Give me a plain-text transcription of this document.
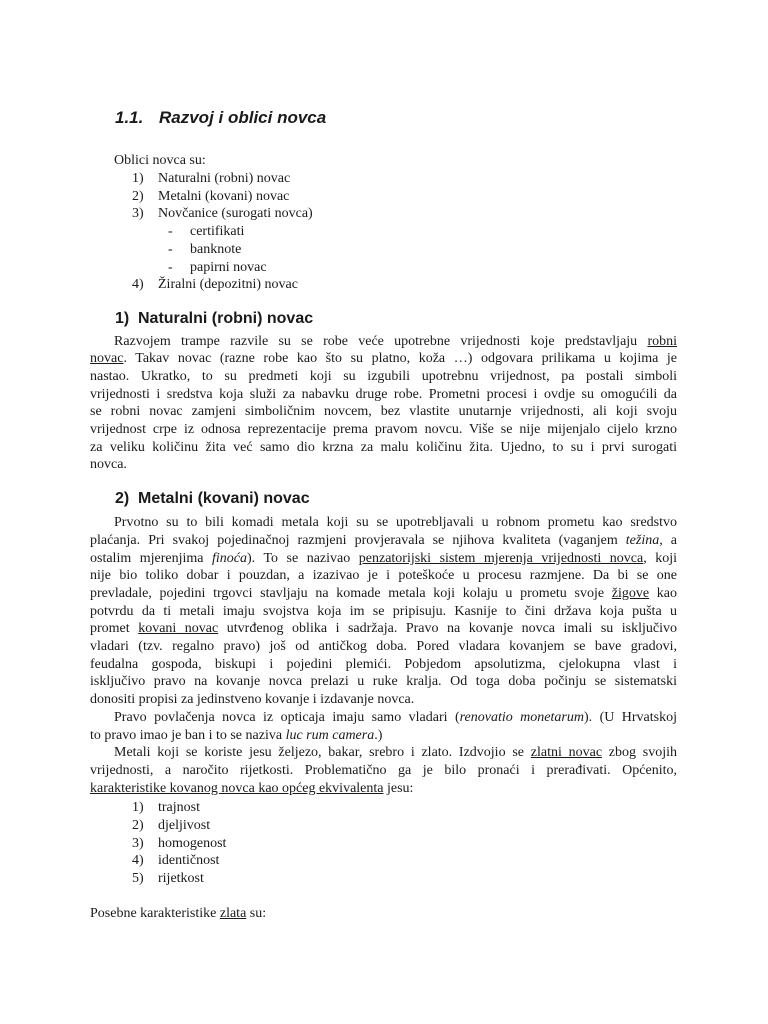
1.1. Razvoj i oblici novca
Oblici novca su:
1) Naturalni (robni) novac
2) Metalni (kovani) novac
3) Novčanice (surogati novca)
- certifikati
- banknote
- papirni novac
4) Žiralni (depozitni) novac
1) Naturalni (robni) novac
Razvojem trampe razvile su se robe veće upotrebne vrijednosti koje predstavljaju robni
novac. Takav novac (razne robe kao što su platno, koža …) odgovara prilikama u kojima je
nastao. Ukratko, to su predmeti koji su izgubili upotrebnu vrijednost, pa postali simboli
vrijednosti i sredstva koja služi za nabavku druge robe. Prometni procesi i ovdje su omogućili da
se robni novac zamjeni simboličnim novcem, bez vlastite unutarnje vrijednosti, ali koji svoju
vrijednost crpe iz odnosa reprezentacije prema pravom novcu. Više se nije mijenjalo cijelo krzno
za veliku količinu žita već samo dio krzna za malu količinu žita. Ujedno, to su i prvi surogati
novca.
2) Metalni (kovani) novac
Prvotno su to bili komadi metala koji su se upotrebljavali u robnom prometu kao sredstvo
plaćanja. Pri svakoj pojedinačnoj razmjeni provjeravala se njihova kvaliteta (vaganjem težina, a
ostalim mjerenjima finoća). To se nazivao penzatorijski sistem mjerenja vrijednosti novca, koji
nije bio toliko dobar i pouzdan, a izazivao je i poteškoće u procesu razmjene. Da bi se one
prevladale, pojedini trgovci stavljaju na komade metala koji kolaju u prometu svoje žigove kao
potvrdu da ti metali imaju svojstva koja im se pripisuju. Kasnije to čini država koja pušta u
promet kovani novac utvrđenog oblika i sadržaja. Pravo na kovanje novca imali su isključivo
vladari (tzv. regalno pravo) još od antičkog doba. Pored vladara kovanjem se bave gradovi,
feudalna gospoda, biskupi i pojedini plemići. Pobjedom apsolutizma, cjelokupna vlast i
isključivo pravo na kovanje novca prelazi u ruke kralja. Od toga doba počinju se sistematski
donositi propisi za jedinstveno kovanje i izdavanje novca.
Pravo povlačenja novca iz opticaja imaju samo vladari (renovatio monetarum). (U Hrvatskoj
to pravo imao je ban i to se naziva luc rum camera.)
Metali koji se koriste jesu željezo, bakar, srebro i zlato. Izdvojio se zlatni novac zbog svojih
vrijednosti, a naročito rijetkosti. Problematično ga je bilo pronaći i prerađivati. Općenito,
karakteristike kovanog novca kao općeg ekvivalenta jesu:
1) trajnost
2) djeljivost
3) homogenost
4) identičnost
5) rijetkost
Posebne karakteristike zlata su:
